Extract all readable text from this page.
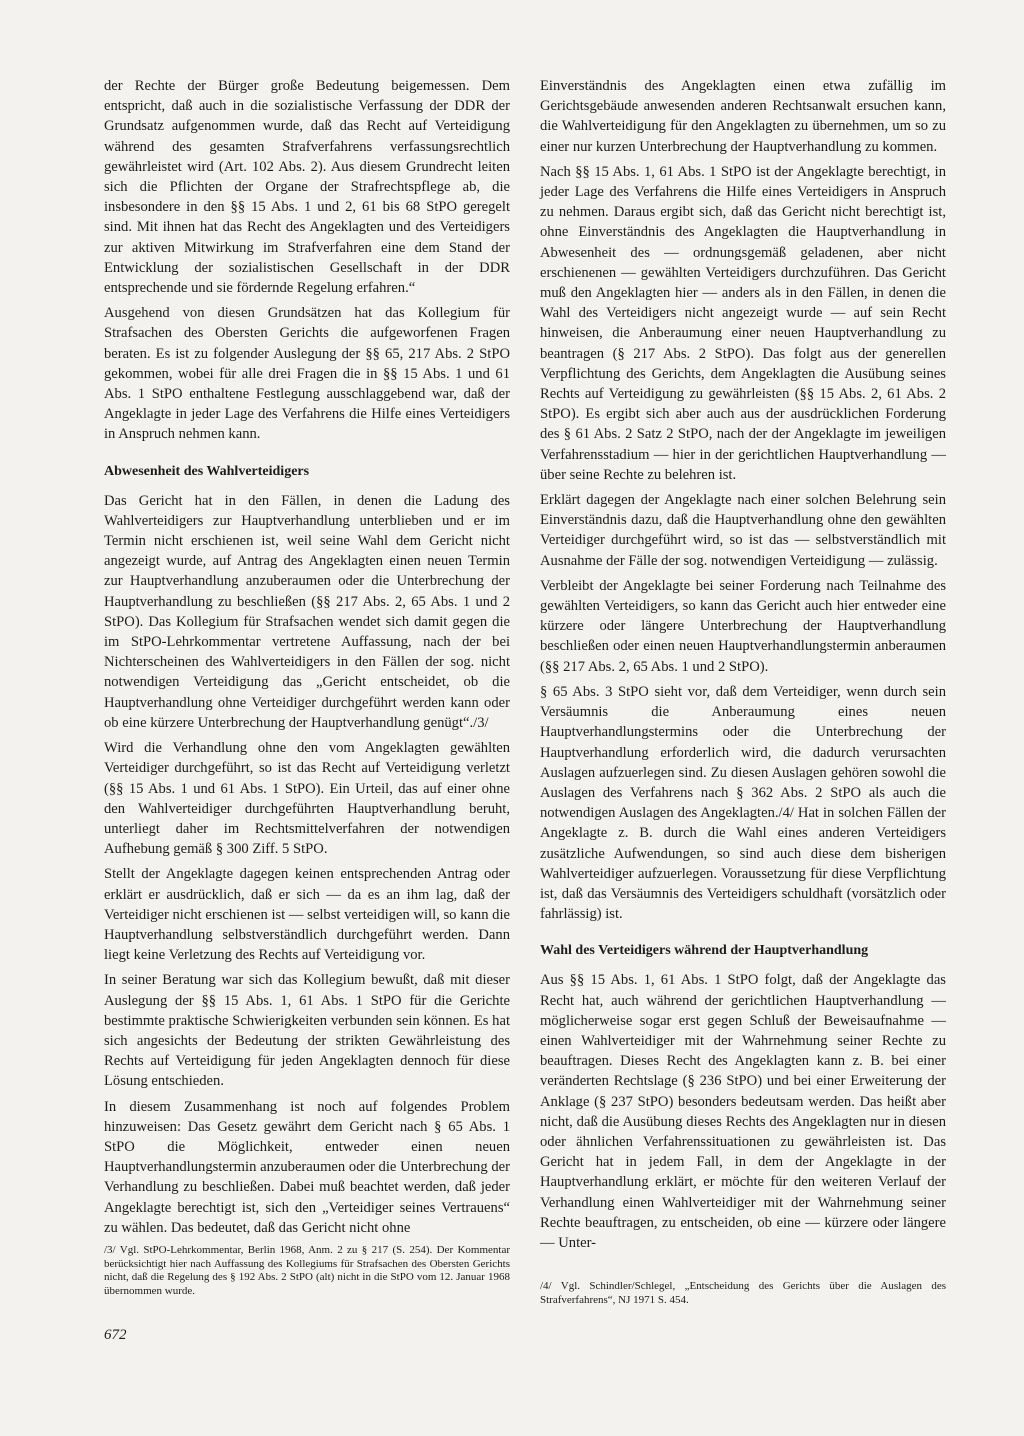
der Rechte der Bürger große Bedeutung beigemessen. Dem entspricht, daß auch in die sozialistische Verfassung der DDR der Grundsatz aufgenommen wurde, daß das Recht auf Verteidigung während des gesamten Strafverfahrens verfassungsrechtlich gewährleistet wird (Art. 102 Abs. 2). Aus diesem Grundrecht leiten sich die Pflichten der Organe der Strafrechtspflege ab, die insbesondere in den §§ 15 Abs. 1 und 2, 61 bis 68 StPO geregelt sind. Mit ihnen hat das Recht des Angeklagten und des Verteidigers zur aktiven Mitwirkung im Strafverfahren eine dem Stand der Entwicklung der sozialistischen Gesellschaft in der DDR entsprechende und sie fördernde Regelung erfahren.“

Ausgehend von diesen Grundsätzen hat das Kollegium für Strafsachen des Obersten Gerichts die aufgeworfenen Fragen beraten. Es ist zu folgender Auslegung der §§ 65, 217 Abs. 2 StPO gekommen, wobei für alle drei Fragen die in §§ 15 Abs. 1 und 61 Abs. 1 StPO enthaltene Festlegung ausschlaggebend war, daß der Angeklagte in jeder Lage des Verfahrens die Hilfe eines Verteidigers in Anspruch nehmen kann.

Abwesenheit des Wahlverteidigers

Das Gericht hat in den Fällen, in denen die Ladung des Wahlverteidigers zur Hauptverhandlung unterblieben und er im Termin nicht erschienen ist, weil seine Wahl dem Gericht nicht angezeigt wurde, auf Antrag des Angeklagten einen neuen Termin zur Hauptverhandlung anzuberaumen oder die Unterbrechung der Hauptverhandlung zu beschließen (§§ 217 Abs. 2, 65 Abs. 1 und 2 StPO). Das Kollegium für Strafsachen wendet sich damit gegen die im StPO-Lehrkommentar vertretene Auffassung, nach der bei Nichterscheinen des Wahlverteidigers in den Fällen der sog. nicht notwendigen Verteidigung das „Gericht entscheidet, ob die Hauptverhandlung ohne Verteidiger durchgeführt werden kann oder ob eine kürzere Unterbrechung der Hauptverhandlung genügt“./3/

Wird die Verhandlung ohne den vom Angeklagten gewählten Verteidiger durchgeführt, so ist das Recht auf Verteidigung verletzt (§§ 15 Abs. 1 und 61 Abs. 1 StPO). Ein Urteil, das auf einer ohne den Wahlverteidiger durchgeführten Hauptverhandlung beruht, unterliegt daher im Rechtsmittelverfahren der notwendigen Aufhebung gemäß § 300 Ziff. 5 StPO.

Stellt der Angeklagte dagegen keinen entsprechenden Antrag oder erklärt er ausdrücklich, daß er sich — da es an ihm lag, daß der Verteidiger nicht erschienen ist — selbst verteidigen will, so kann die Hauptverhandlung selbstverständlich durchgeführt werden. Dann liegt keine Verletzung des Rechts auf Verteidigung vor.

In seiner Beratung war sich das Kollegium bewußt, daß mit dieser Auslegung der §§ 15 Abs. 1, 61 Abs. 1 StPO für die Gerichte bestimmte praktische Schwierigkeiten verbunden sein können. Es hat sich angesichts der Bedeutung der strikten Gewährleistung des Rechts auf Verteidigung für jeden Angeklagten dennoch für diese Lösung entschieden.

In diesem Zusammenhang ist noch auf folgendes Problem hinzuweisen: Das Gesetz gewährt dem Gericht nach § 65 Abs. 1 StPO die Möglichkeit, entweder einen neuen Hauptverhandlungstermin anzuberaumen oder die Unterbrechung der Verhandlung zu beschließen. Dabei muß beachtet werden, daß jeder Angeklagte berechtigt ist, sich den „Verteidiger seines Vertrauens“ zu wählen. Das bedeutet, daß das Gericht nicht ohne

Einverständnis des Angeklagten einen etwa zufällig im Gerichtsgebäude anwesenden anderen Rechtsanwalt ersuchen kann, die Wahlverteidigung für den Angeklagten zu übernehmen, um so zu einer nur kurzen Unterbrechung der Hauptverhandlung zu kommen.

Nach §§ 15 Abs. 1, 61 Abs. 1 StPO ist der Angeklagte berechtigt, in jeder Lage des Verfahrens die Hilfe eines Verteidigers in Anspruch zu nehmen. Daraus ergibt sich, daß das Gericht nicht berechtigt ist, ohne Einverständnis des Angeklagten die Hauptverhandlung in Abwesenheit des — ordnungsgemäß geladenen, aber nicht erschienenen — gewählten Verteidigers durchzuführen. Das Gericht muß den Angeklagten hier — anders als in den Fällen, in denen die Wahl des Verteidigers nicht angezeigt wurde — auf sein Recht hinweisen, die Anberaumung einer neuen Hauptverhandlung zu beantragen (§ 217 Abs. 2 StPO). Das folgt aus der generellen Verpflichtung des Gerichts, dem Angeklagten die Ausübung seines Rechts auf Verteidigung zu gewährleisten (§§ 15 Abs. 2, 61 Abs. 2 StPO). Es ergibt sich aber auch aus der ausdrücklichen Forderung des § 61 Abs. 2 Satz 2 StPO, nach der der Angeklagte im jeweiligen Verfahrensstadium — hier in der gerichtlichen Hauptverhandlung — über seine Rechte zu belehren ist.

Erklärt dagegen der Angeklagte nach einer solchen Belehrung sein Einverständnis dazu, daß die Hauptverhandlung ohne den gewählten Verteidiger durchgeführt wird, so ist das — selbstverständlich mit Ausnahme der Fälle der sog. notwendigen Verteidigung — zulässig.

Verbleibt der Angeklagte bei seiner Forderung nach Teilnahme des gewählten Verteidigers, so kann das Gericht auch hier entweder eine kürzere oder längere Unterbrechung der Hauptverhandlung beschließen oder einen neuen Hauptverhandlungstermin anberaumen (§§ 217 Abs. 2, 65 Abs. 1 und 2 StPO).

§ 65 Abs. 3 StPO sieht vor, daß dem Verteidiger, wenn durch sein Versäumnis die Anberaumung eines neuen Hauptverhandlungstermins oder die Unterbrechung der Hauptverhandlung erforderlich wird, die dadurch verursachten Auslagen aufzuerlegen sind. Zu diesen Auslagen gehören sowohl die Auslagen des Verfahrens nach § 362 Abs. 2 StPO als auch die notwendigen Auslagen des Angeklagten./4/ Hat in solchen Fällen der Angeklagte z. B. durch die Wahl eines anderen Verteidigers zusätzliche Aufwendungen, so sind auch diese dem bisherigen Wahlverteidiger aufzuerlegen. Voraussetzung für diese Verpflichtung ist, daß das Versäumnis des Verteidigers schuldhaft (vorsätzlich oder fahrlässig) ist.

Wahl des Verteidigers während der Hauptverhandlung

Aus §§ 15 Abs. 1, 61 Abs. 1 StPO folgt, daß der Angeklagte das Recht hat, auch während der gerichtlichen Hauptverhandlung — möglicherweise sogar erst gegen Schluß der Beweisaufnahme — einen Wahlverteidiger mit der Wahrnehmung seiner Rechte zu beauftragen. Dieses Recht des Angeklagten kann z. B. bei einer veränderten Rechtslage (§ 236 StPO) und bei einer Erweiterung der Anklage (§ 237 StPO) besonders bedeutsam werden. Das heißt aber nicht, daß die Ausübung dieses Rechts des Angeklagten nur in diesen oder ähnlichen Verfahrenssituationen zu gewährleisten ist. Das Gericht hat in jedem Fall, in dem der Angeklagte in der Hauptverhandlung erklärt, er möchte für den weiteren Verlauf der Verhandlung einen Wahlverteidiger mit der Wahrnehmung seiner Rechte beauftragen, zu entscheiden, ob eine — kürzere oder längere — Unter-

/3/ Vgl. StPO-Lehrkommentar, Berlin 1968, Anm. 2 zu § 217 (S. 254). Der Kommentar berücksichtigt hier nach Auffassung des Kollegiums für Strafsachen des Obersten Gerichts nicht, daß die Regelung des § 192 Abs. 2 StPO (alt) nicht in die StPO vom 12. Januar 1968 übernommen wurde.	/4/ Vgl. Schindler/Schlegel, „Entscheidung des Gerichts über die Auslagen des Strafverfahrens“, NJ 1971 S. 454.

672
